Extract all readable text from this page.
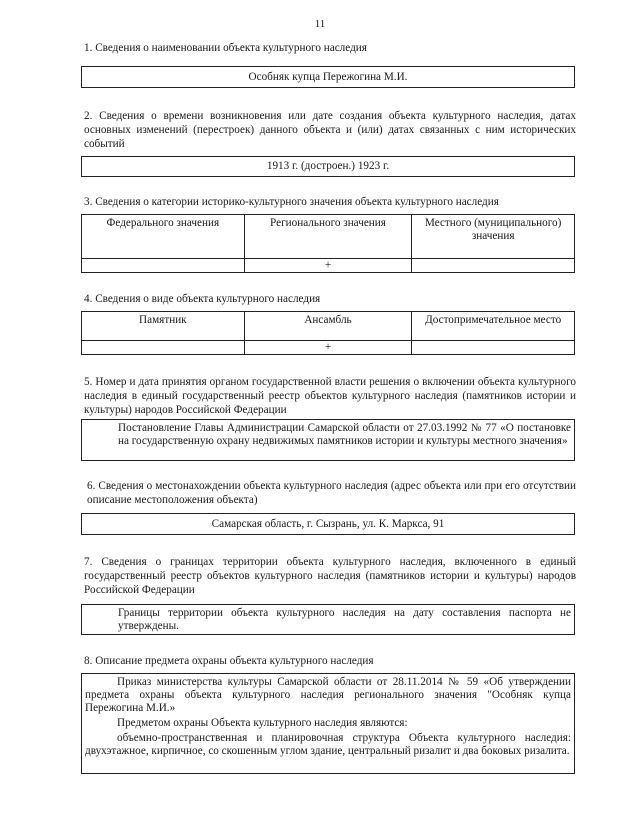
11
1. Сведения о наименовании объекта культурного наследия
Особняк купца Пережогина М.И.
2. Сведения о времени возникновения или дате создания объекта культурного наследия, датах основных изменений (перестроек) данного объекта и (или) датах связанных с ним исторических событий
1913 г. (достроен.) 1923 г.
3. Сведения о категории историко-культурного значения объекта культурного наследия
Федерального значения	Регионального значения	Местного (муниципального) значения
	+	
4. Сведения о виде объекта культурного наследия
Памятник	Ансамбль	Достопримечательное место
	+	
5. Номер и дата принятия органом государственной власти решения о включении объекта культурного наследия в единый государственный реестр объектов культурного наследия (памятников истории и культуры) народов Российской Федерации
Постановление Главы Администрации Самарской области от 27.03.1992 № 77 «О постановке на государственную охрану недвижимых памятников истории и культуры местного значения»
6. Сведения о местонахождении объекта культурного наследия (адрес объекта или при его отсутствии описание местоположения объекта)
Самарская область, г. Сызрань, ул. К. Маркса, 91
7. Сведения о границах территории объекта культурного наследия, включенного в единый государственный реестр объектов культурного наследия (памятников истории и культуры) народов Российской Федерации
Границы территории объекта культурного наследия на дату составления паспорта не утверждены.
8. Описание предмета охраны объекта культурного наследия
Приказ министерства культуры Самарской области от 28.11.2014 № 59 «Об утверждении предмета охраны объекта культурного наследия регионального значения "Особняк купца Пережогина М.И.»
Предметом охраны Объекта культурного наследия являются:
объемно-пространственная и планировочная структура Объекта культурного наследия: двухэтажное, кирпичное, со скошенным углом здание, центральный ризалит и два боковых ризалита.
